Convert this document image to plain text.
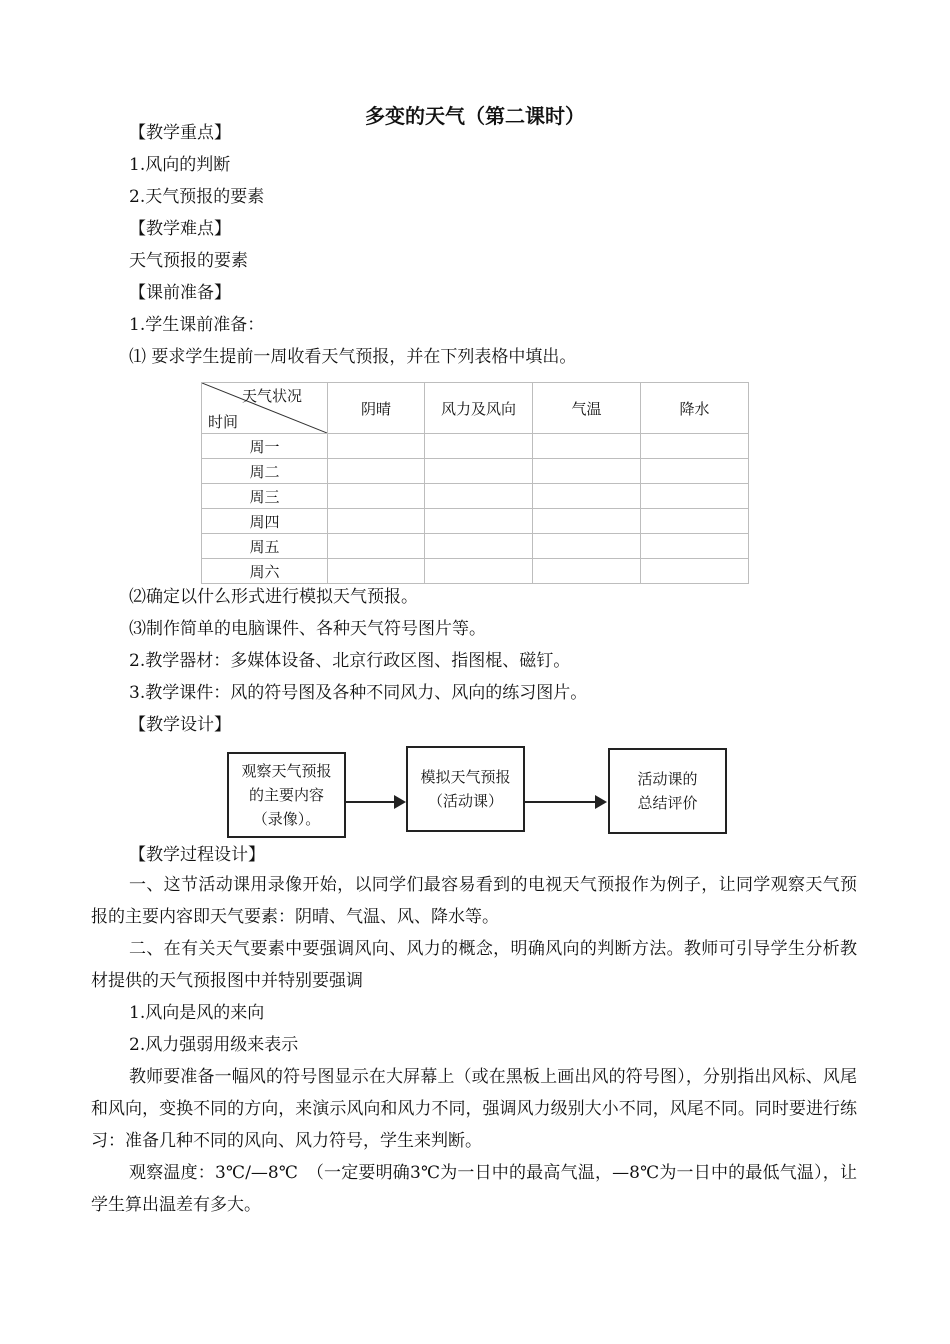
多变的天气（第二课时）
【教学重点】
1.风向的判断
2.天气预报的要素
【教学难点】
天气预报的要素
【课前准备】
1.学生课前准备：
⑴ 要求学生提前一周收看天气预报，并在下列表格中填出。
天气状况
时间	阴晴	风力及风向	气温	降水
周一				
周二				
周三				
周四				
周五				
周六				
⑵确定以什么形式进行模拟天气预报。
⑶制作简单的电脑课件、各种天气符号图片等。
2.教学器材：多媒体设备、北京行政区图、指图棍、磁钉。
3.教学课件：风的符号图及各种不同风力、风向的练习图片。
【教学设计】
观察天气预报
的主要内容
（录像）。
模拟天气预报
（活动课）
活动课的
总结评价
【教学过程设计】
一、这节活动课用录像开始，以同学们最容易看到的电视天气预报作为例子，让同学观察天气预报的主要内容即天气要素：阴晴、气温、风、降水等。
二、在有关天气要素中要强调风向、风力的概念，明确风向的判断方法。教师可引导学生分析教材提供的天气预报图中并特别要强调
1.风向是风的来向
2.风力强弱用级来表示
教师要准备一幅风的符号图显示在大屏幕上（或在黑板上画出风的符号图），分别指出风标、风尾和风向，变换不同的方向，来演示风向和风力不同，强调风力级别大小不同，风尾不同。同时要进行练习：准备几种不同的风向、风力符号，学生来判断。
观察温度：3℃/—8℃　（一定要明确3℃为一日中的最高气温，—8℃为一日中的最低气温），让学生算出温差有多大。
